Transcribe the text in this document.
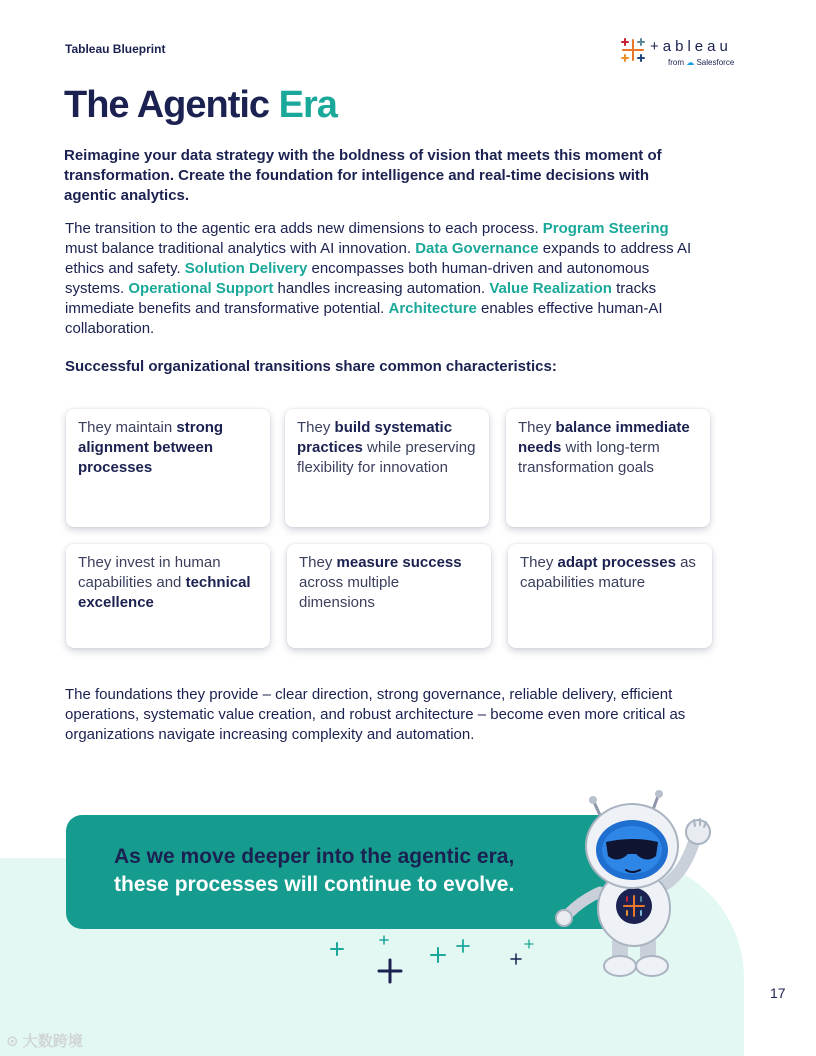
Tableau Blueprint	+ableau
from ☁ Salesforce
The Agentic Era

Reimagine your data strategy with the boldness of vision that meets this moment of transformation. Create the foundation for intelligence and real-time decisions with agentic analytics.

The transition to the agentic era adds new dimensions to each process. Program Steering must balance traditional analytics with AI innovation. Data Governance expands to address AI ethics and safety. Solution Delivery encompasses both human-driven and autonomous systems. Operational Support handles increasing automation. Value Realization tracks immediate benefits and transformative potential. Architecture enables effective human-AI collaboration.

Successful organizational transitions share common characteristics:

They maintain strong alignment between processes
They build systematic practices while preserving flexibility for innovation
They balance immediate needs with long-term transformation goals
They invest in human capabilities and technical excellence
They measure success across multiple dimensions
They adapt processes as capabilities mature

The foundations they provide – clear direction, strong governance, reliable delivery, efficient operations, systematic value creation, and robust architecture – become even more critical as organizations navigate increasing complexity and automation.

As we move deeper into the agentic era,
these processes will continue to evolve.
17
⊙ 大数跨境
